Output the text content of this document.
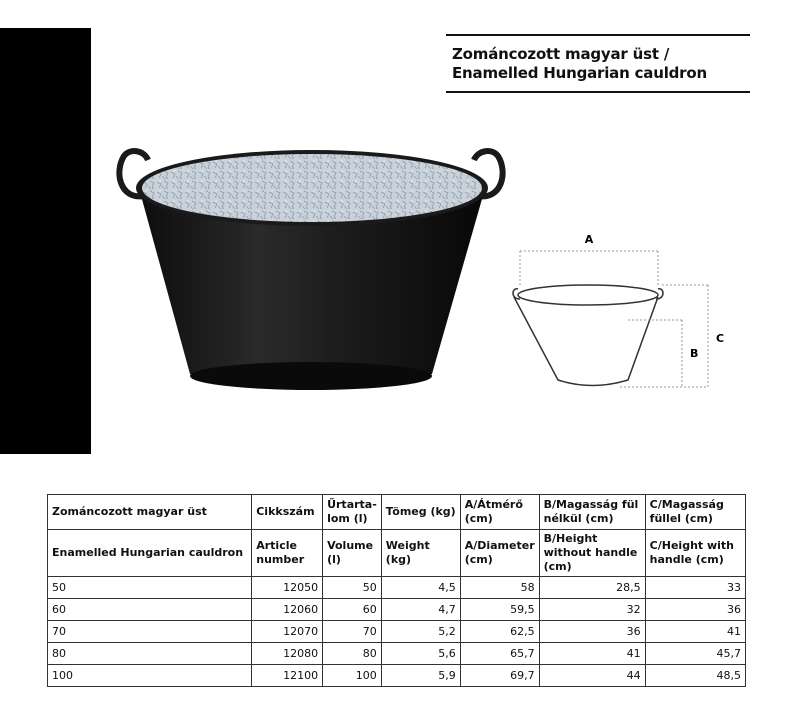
Zománcozott magyar üst /
Enamelled Hungarian cauldron
A
B
C
Zománcozott magyar üst	Cikkszám	Űrtarta-lom (l)	Tömeg (kg)	A/Átmérő (cm)	B/Magasság fül nélkül (cm)	C/Magasság füllel (cm)
Enamelled Hungarian cauldron	Article number	Volume (l)	Weight (kg)	A/Diameter (cm)	B/Height without handle (cm)	C/Height with handle (cm)
50	12050	50	4,5	58	28,5	33
60	12060	60	4,7	59,5	32	36
70	12070	70	5,2	62,5	36	41
80	12080	80	5,6	65,7	41	45,7
100	12100	100	5,9	69,7	44	48,5
